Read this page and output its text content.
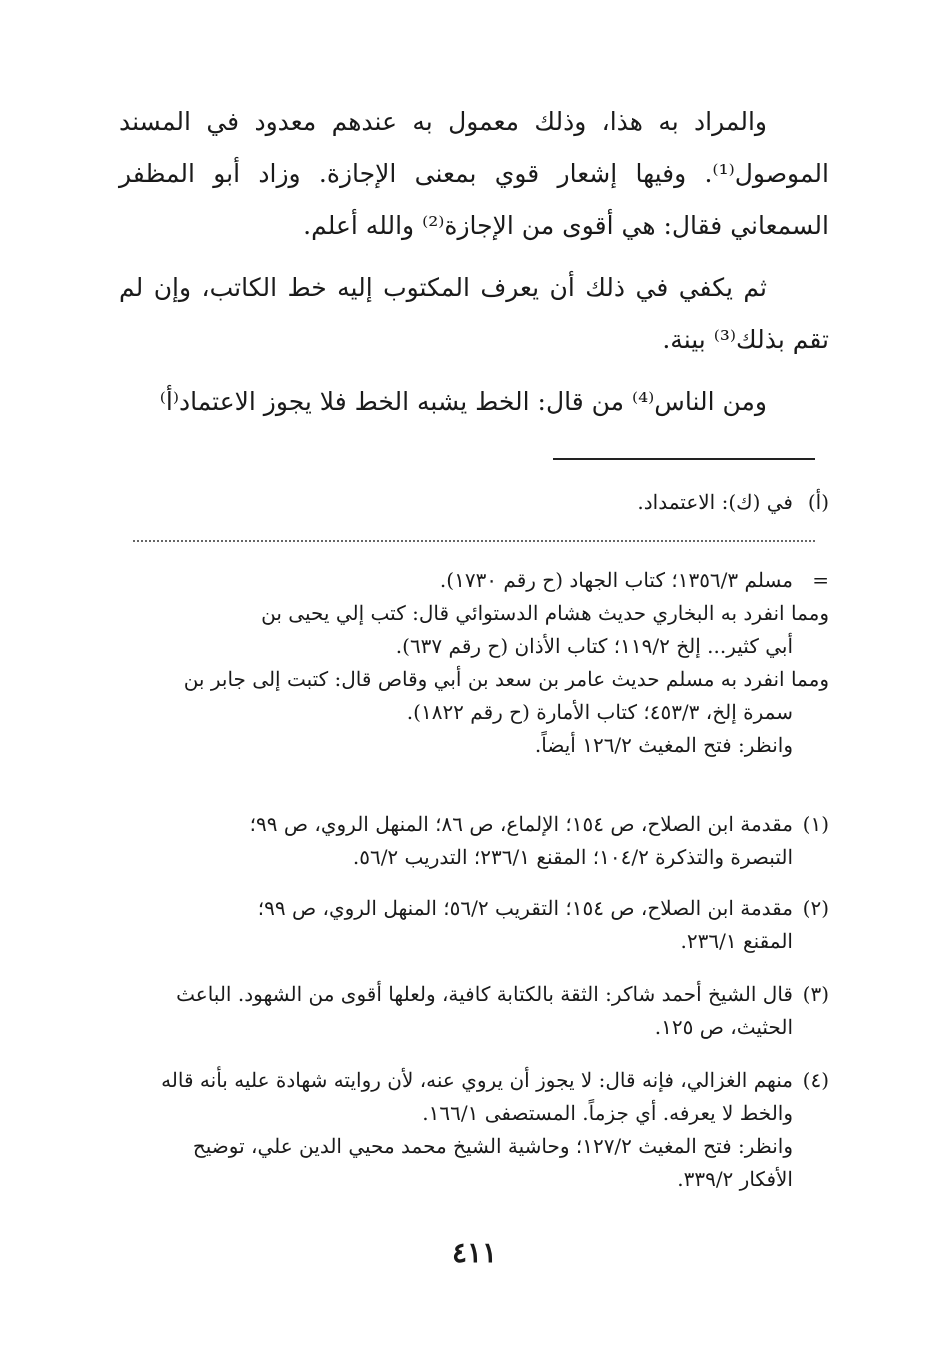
والمراد به هذا، وذلك معمول به عندهم معدود في المسند الموصول⁽¹⁾. وفيها إشعار قوي بمعنى الإجازة. وزاد أبو المظفر السمعاني فقال: هي أقوى من الإجازة⁽²⁾ والله أعلم.

ثم يكفي في ذلك أن يعرف المكتوب إليه خط الكاتب، وإن لم تقم بذلك⁽³⁾ بينة.

ومن الناس⁽⁴⁾ من قال: الخط يشبه الخط فلا يجوز الاعتماد⁽أ⁾

(أ)
في (ك): الاعتمداد.
=
مسلم ١٣٥٦/٣؛ كتاب الجهاد (ح رقم ١٧٣٠).
ومما انفرد به البخاري حديث هشام الدستوائي قال: كتب إلي يحيى بن
أبي كثير... إلخ ١١٩/٢؛ كتاب الأذان (ح رقم ٦٣٧).
ومما انفرد به مسلم حديث عامر بن سعد بن أبي وقاص قال: كتبت إلى جابر بن
سمرة إلخ، ٤٥٣/٣؛ كتاب الأمارة (ح رقم ١٨٢٢).
وانظر: فتح المغيث ١٢٦/٢ أيضاً.
(١)
مقدمة ابن الصلاح، ص ١٥٤؛ الإلماع، ص ٨٦؛ المنهل الروي، ص ٩٩؛
التبصرة والتذكرة ١٠٤/٢؛ المقنع ٢٣٦/١؛ التدريب ٥٦/٢.
(٢)
مقدمة ابن الصلاح، ص ١٥٤؛ التقريب ٥٦/٢؛ المنهل الروي، ص ٩٩؛
المقنع ٢٣٦/١.
(٣)
قال الشيخ أحمد شاكر: الثقة بالكتابة كافية، ولعلها أقوى من الشهود. الباعث
الحثيث، ص ١٢٥.
(٤)
منهم الغزالي، فإنه قال: لا يجوز أن يروي عنه، لأن روايته شهادة عليه بأنه قاله
والخط لا يعرفه. أي جزماً. المستصفى ١٦٦/١.
وانظر: فتح المغيث ١٢٧/٢؛ وحاشية الشيخ محمد محيي الدين علي، توضيح
الأفكار ٣٣٩/٢.
٤١١
